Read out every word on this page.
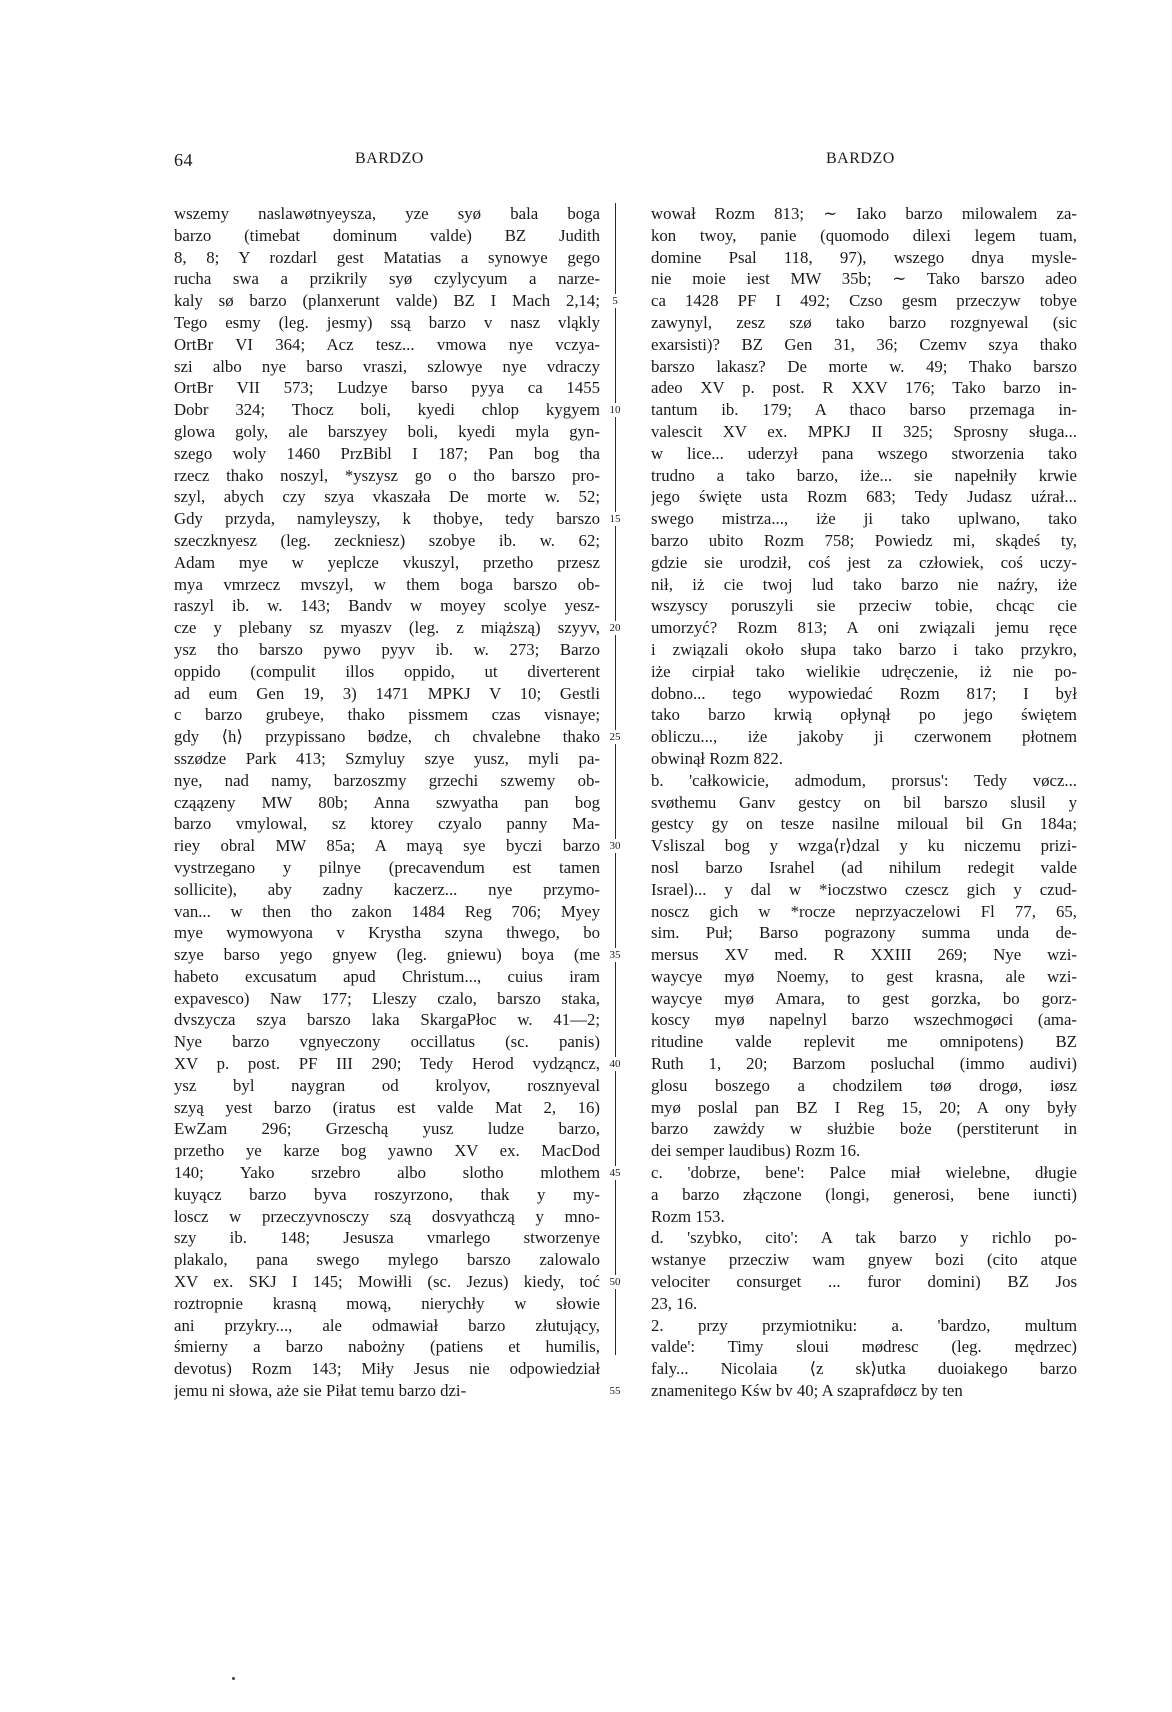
64	BARDZO	BARDZO
wszemy naslawøtnyeysza, yze syø bala boga
barzo (timebat dominum valde) BZ Judith
8, 8; Y rozdarl gest Matatias a synowye gego
rucha swa a przikrily syø czylycyum a narze-
kaly sø barzo (planxerunt valde) BZ I Mach 2,14;
Tego esmy (leg. jesmy) ssą barzo v nasz vląkly
OrtBr VI 364; Acz tesz... vmowa nye vczya-
szi albo nye barso vraszi, szlowye nye vdraczy
OrtBr VII 573; Ludzye barso pyya ca 1455
Dobr 324; Thocz boli, kyedi chlop kygyem
glowa goly, ale barszyey boli, kyedi myla gyn-
szego woly 1460 PrzBibl I 187; Pan bog tha
rzecz thako noszyl, *yszysz go o tho barszo pro-
szyl, abych czy szya vkaszała De morte w. 52;
Gdy przyda, namyleyszy, k thobye, tedy barszo
szeczknyesz (leg. zeckniesz) szobye ib. w. 62;
Adam mye w yeplcze vkuszyl, przetho przesz
mya vmrzecz mvszyl, w them boga barszo ob-
raszyl ib. w. 143; Bandv w moyey scolye yesz-
cze y plebany sz myaszv (leg. z miąższą) szyyv,
ysz tho barszo pywo pyyv ib. w. 273; Barzo
oppido (compulit illos oppido, ut diverterent
ad eum Gen 19, 3) 1471 MPKJ V 10; Gestli
c barzo grubeye, thako pissmem czas visnaye;
gdy ⟨h⟩ przypissano bødze, ch chvalebne thako
sszødze Park 413; Szmyluy szye yusz, myli pa-
nye, nad namy, barzoszmy grzechi szwemy ob-
cząązeny MW 80b; Anna szwyatha pan bog
barzo vmylowal, sz ktorey czyalo panny Ma-
riey obral MW 85a; A mayą sye byczi barzo
vystrzegano y pilnye (precavendum est tamen
sollicite), aby zadny kaczerz... nye przymo-
van... w then tho zakon 1484 Reg 706; Myey
mye wymowyona v Krystha szyna thwego, bo
szye barso yego gnyew (leg. gniewu) boya (me
habeto excusatum apud Christum..., cuius iram
expavesco) Naw 177; Lleszy czalo, barszo staka,
dvszycza szya barszo laka SkargaPłoc w. 41—2;
Nye barzo vgnyeczony occillatus (sc. panis)
XV p. post. PF III 290; Tedy Herod vydząncz,
ysz byl naygran od krolyov, rosznyeval
szyą yest barzo (iratus est valde Mat 2, 16)
EwZam 296; Grzeschą yusz ludze barzo,
przetho ye karze bog yawno XV ex. MacDod
140; Yako srzebro albo slotho mlothem
kuyącz barzo byva roszyrzono, thak y my-
loscz w przeczyvnosczy szą dosvyathczą y mno-
szy ib. 148; Jesusza vmarlego stworzenye
plakalo, pana swego mylego barszo zalowalo
XV ex. SKJ I 145; Mowiłli (sc. Jezus) kiedy, toć
roztropnie krasną mową, nierychły w słowie
ani przykry..., ale odmawiał barzo złutujący,
śmierny a barzo nabożny (patiens et humilis,
devotus) Rozm 143; Miły Jesus nie odpowiedział
jemu ni słowa, aże sie Piłat temu barzo dzi-
wował Rozm 813; ∼ Iako barzo milowalem za-
kon twoy, panie (quomodo dilexi legem tuam,
domine Psal 118, 97), wszego dnya mysle-
nie moie iest MW 35b; ∼ Tako barszo adeo
ca 1428 PF I 492; Czso gesm przeczyw tobye
zawynyl, zesz szø tako barzo rozgnyewal (sic
exarsisti)? BZ Gen 31, 36; Czemv szya thako
barszo lakasz? De morte w. 49; Thako barszo
adeo XV p. post. R XXV 176; Tako barzo in-
tantum ib. 179; A thaco barso przemaga in-
valescit XV ex. MPKJ II 325; Sprosny sługa...
w lice... uderzył pana wszego stworzenia tako
trudno a tako barzo, iże... sie napełniły krwie
jego święte usta Rozm 683; Tedy Judasz uźrał...
swego mistrza..., iże ji tako uplwano, tako
barzo ubito Rozm 758; Powiedz mi, skądeś ty,
gdzie sie urodził, coś jest za człowiek, coś uczy-
nił, iż cie twoj lud tako barzo nie naźry, iże
wszyscy poruszyli sie przeciw tobie, chcąc cie
umorzyć? Rozm 813; A oni związali jemu ręce
i związali około słupa tako barzo i tako przykro,
iże cirpiał tako wielikie udręczenie, iż nie po-
dobno... tego wypowiedać Rozm 817; I był
tako barzo krwią opłynął po jego świętem
obliczu..., iże jakoby ji czerwonem płotnem
obwinął Rozm 822.
b. 'całkowicie, admodum, prorsus': Tedy vøcz...
svøthemu Ganv gestcy on bil barszo slusil y
gestcy gy on tesze nasilne miloual bil Gn 184a;
Vsliszal bog y wzga⟨r⟩dzal y ku niczemu prizi-
nosl barzo Israhel (ad nihilum redegit valde
Israel)... y dal w *ioczstwo czescz gich y czud-
noscz gich w *rocze neprzyaczelowi Fl 77, 65,
sim. Puł; Barso pograzony summa unda de-
mersus XV med. R XXIII 269; Nye wzi-
waycye myø Noemy, to gest krasna, ale wzi-
waycye myø Amara, to gest gorzka, bo gorz-
koscy myø napelnyl barzo wszechmogøci (ama-
ritudine valde replevit me omnipotens) BZ
Ruth 1, 20; Barzom posluchal (immo audivi)
glosu boszego a chodzilem tøø drogø, iøsz
myø poslal pan BZ I Reg 15, 20; A ony były
barzo zawżdy w służbie boże (perstiterunt in
dei semper laudibus) Rozm 16.
c. 'dobrze, bene': Palce miał wielebne, długie
a barzo złączone (longi, generosi, bene iuncti)
Rozm 153.
d. 'szybko, cito': A tak barzo y richlo po-
wstanye przecziw wam gnyew bozi (cito atque
velociter consurget ... furor domini) BZ Jos
23, 16.
2. przy przymiotniku: a. 'bardzo, multum
valde': Timy sloui mødresc (leg. mędrzec)
faly... Nicolaia ⟨z sk⟩utka duoiakego barzo
znamenitego Kśw bv 40; A szaprafdøcz by ten
5
10
15
20
25
30
35
40
45
50
55
